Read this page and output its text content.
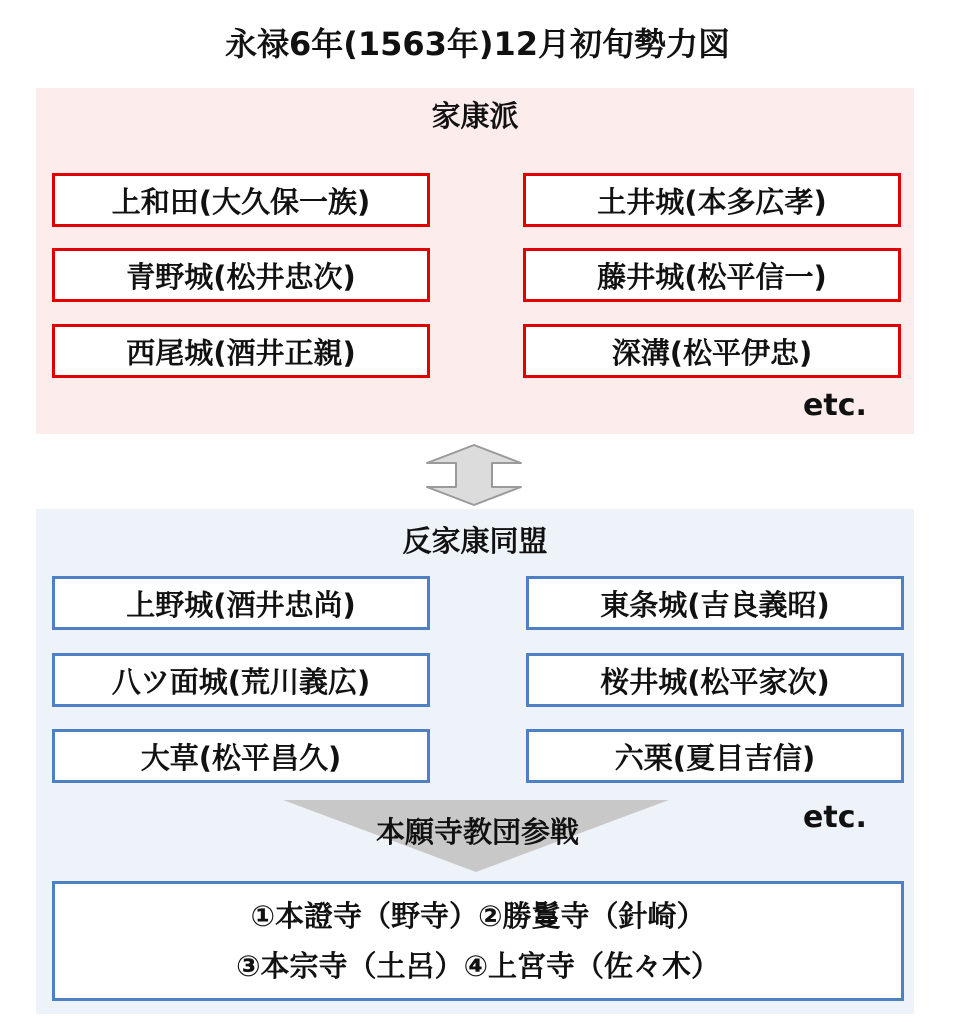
永禄6年(1563年)12月初旬勢力図
家康派
上和田(大久保一族)	土井城(本多広孝)
青野城(松井忠次)	藤井城(松平信一)
西尾城(酒井正親)	深溝(松平伊忠)
etc.
反家康同盟
上野城(酒井忠尚)	東条城(吉良義昭)
八ツ面城(荒川義広)	桜井城(松平家次)
大草(松平昌久)	六栗(夏目吉信)
本願寺教団参戦	etc.
①本證寺（野寺）②勝鬘寺（針崎）
③本宗寺（土呂）④上宮寺（佐々木）
